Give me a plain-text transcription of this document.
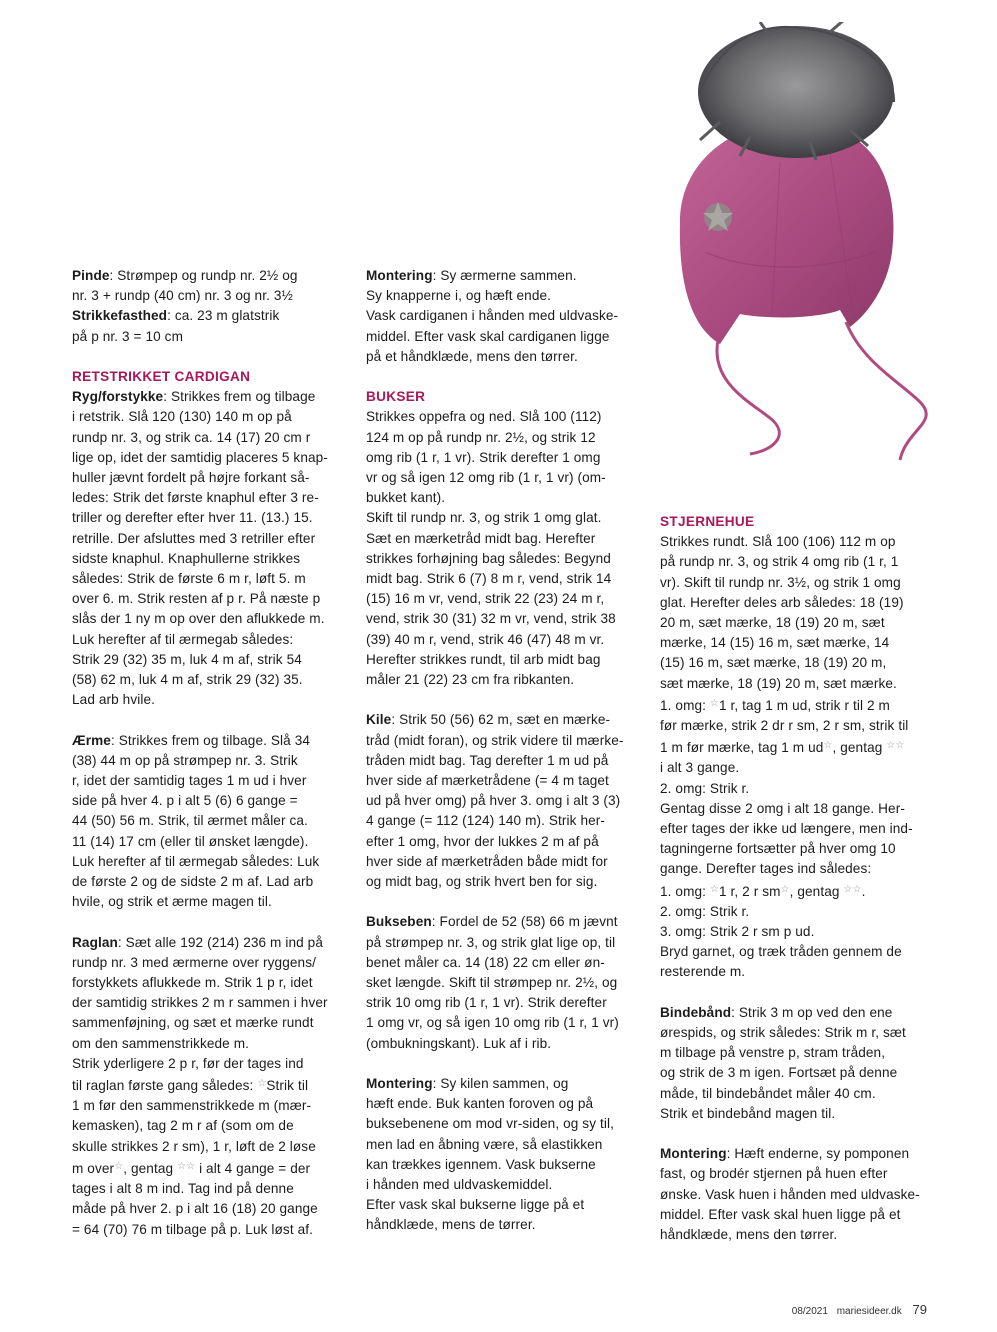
Pinde: Strømpep og rundp nr. 2½ og
nr. 3 + rundp (40 cm) nr. 3 og nr. 3½
Strikkefasthed: ca. 23 m glatstrik
på p nr. 3 = 10 cm

RETSTRIKKET CARDIGAN

Ryg/forstykke: Strikkes frem og tilbage
i retstrik. Slå 120 (130) 140 m op på
rundp nr. 3, og strik ca. 14 (17) 20 cm r
lige op, idet der samtidig placeres 5 knap-
huller jævnt fordelt på højre forkant så-
ledes: Strik det første knaphul efter 3 re-
triller og derefter efter hver 11. (13.) 15.
retrille. Der afsluttes med 3 retriller efter
sidste knaphul. Knaphullerne strikkes
således: Strik de første 6 m r, løft 5. m
over 6. m. Strik resten af p r. På næste p
slås der 1 ny m op over den aflukkede m.
Luk herefter af til ærmegab således:
Strik 29 (32) 35 m, luk 4 m af, strik 54
(58) 62 m, luk 4 m af, strik 29 (32) 35.
Lad arb hvile.

Ærme: Strikkes frem og tilbage. Slå 34
(38) 44 m op på strømpep nr. 3. Strik
r, idet der samtidig tages 1 m ud i hver
side på hver 4. p i alt 5 (6) 6 gange =
44 (50) 56 m. Strik, til ærmet måler ca.
11 (14) 17 cm (eller til ønsket længde).
Luk herefter af til ærmegab således: Luk
de første 2 og de sidste 2 m af. Lad arb
hvile, og strik et ærme magen til.

Raglan: Sæt alle 192 (214) 236 m ind på
rundp nr. 3 med ærmerne over ryggens/
forstykkets aflukkede m. Strik 1 p r, idet
der samtidig strikkes 2 m r sammen i hver
sammenføjning, og sæt et mærke rundt
om den sammenstrikkede m.
Strik yderligere 2 p r, før der tages ind
til raglan første gang således: ☆Strik til
1 m før den sammenstrikkede m (mær-
kemasken), tag 2 m r af (som om de
skulle strikkes 2 r sm), 1 r, løft de 2 løse
m over☆, gentag ☆☆ i alt 4 gange = der
tages i alt 8 m ind. Tag ind på denne
måde på hver 2. p i alt 16 (18) 20 gange
= 64 (70) 76 m tilbage på p. Luk løst af.

Montering: Sy ærmerne sammen.
Sy knapperne i, og hæft ende.
Vask cardiganen i hånden med uldvaske-
middel. Efter vask skal cardiganen ligge
på et håndklæde, mens den tørrer.

BUKSER

Strikkes oppefra og ned. Slå 100 (112)
124 m op på rundp nr. 2½, og strik 12
omg rib (1 r, 1 vr). Strik derefter 1 omg
vr og så igen 12 omg rib (1 r, 1 vr) (om-
bukket kant).
Skift til rundp nr. 3, og strik 1 omg glat.
Sæt en mærketråd midt bag. Herefter
strikkes forhøjning bag således: Begynd
midt bag. Strik 6 (7) 8 m r, vend, strik 14
(15) 16 m vr, vend, strik 22 (23) 24 m r,
vend, strik 30 (31) 32 m vr, vend, strik 38
(39) 40 m r, vend, strik 46 (47) 48 m vr.
Herefter strikkes rundt, til arb midt bag
måler 21 (22) 23 cm fra ribkanten.

Kile: Strik 50 (56) 62 m, sæt en mærke-
tråd (midt foran), og strik videre til mærke-
tråden midt bag. Tag derefter 1 m ud på
hver side af mærketrådene (= 4 m taget
ud på hver omg) på hver 3. omg i alt 3 (3)
4 gange (= 112 (124) 140 m). Strik her-
efter 1 omg, hvor der lukkes 2 m af på
hver side af mærketråden både midt for
og midt bag, og strik hvert ben for sig.

Bukseben: Fordel de 52 (58) 66 m jævnt
på strømpep nr. 3, og strik glat lige op, til
benet måler ca. 14 (18) 22 cm eller øn-
sket længde. Skift til strømpep nr. 2½, og
strik 10 omg rib (1 r, 1 vr). Strik derefter
1 omg vr, og så igen 10 omg rib (1 r, 1 vr)
(ombukningskant). Luk af i rib.

Montering: Sy kilen sammen, og
hæft ende. Buk kanten foroven og på
buksebenene om mod vr-siden, og sy til,
men lad en åbning være, så elastikken
kan trækkes igennem. Vask bukserne
i hånden med uldvaskemiddel.
Efter vask skal bukserne ligge på et
håndklæde, mens de tørrer.

STJERNEHUE

Strikkes rundt. Slå 100 (106) 112 m op
på rundp nr. 3, og strik 4 omg rib (1 r, 1
vr). Skift til rundp nr. 3½, og strik 1 omg
glat. Herefter deles arb således: 18 (19)
20 m, sæt mærke, 18 (19) 20 m, sæt
mærke, 14 (15) 16 m, sæt mærke, 14
(15) 16 m, sæt mærke, 18 (19) 20 m,
sæt mærke, 18 (19) 20 m, sæt mærke.
1. omg: ☆1 r, tag 1 m ud, strik r til 2 m
før mærke, strik 2 dr r sm, 2 r sm, strik til
1 m før mærke, tag 1 m ud☆, gentag ☆☆
i alt 3 gange.
2. omg: Strik r.
Gentag disse 2 omg i alt 18 gange. Her-
efter tages der ikke ud længere, men ind-
tagningerne fortsætter på hver omg 10
gange. Derefter tages ind således:
1. omg: ☆1 r, 2 r sm☆, gentag ☆☆.
2. omg: Strik r.
3. omg: Strik 2 r sm p ud.
Bryd garnet, og træk tråden gennem de
resterende m.

Bindebånd: Strik 3 m op ved den ene
ørespids, og strik således: Strik m r, sæt
m tilbage på venstre p, stram tråden,
og strik de 3 m igen. Fortsæt på denne
måde, til bindebåndet måler 40 cm.
Strik et bindebånd magen til.

Montering: Hæft enderne, sy pomponen
fast, og brodér stjernen på huen efter
ønske. Vask huen i hånden med uldvaske-
middel. Efter vask skal huen ligge på et
håndklæde, mens den tørrer.

08/2021 mariesideer.dk 79
